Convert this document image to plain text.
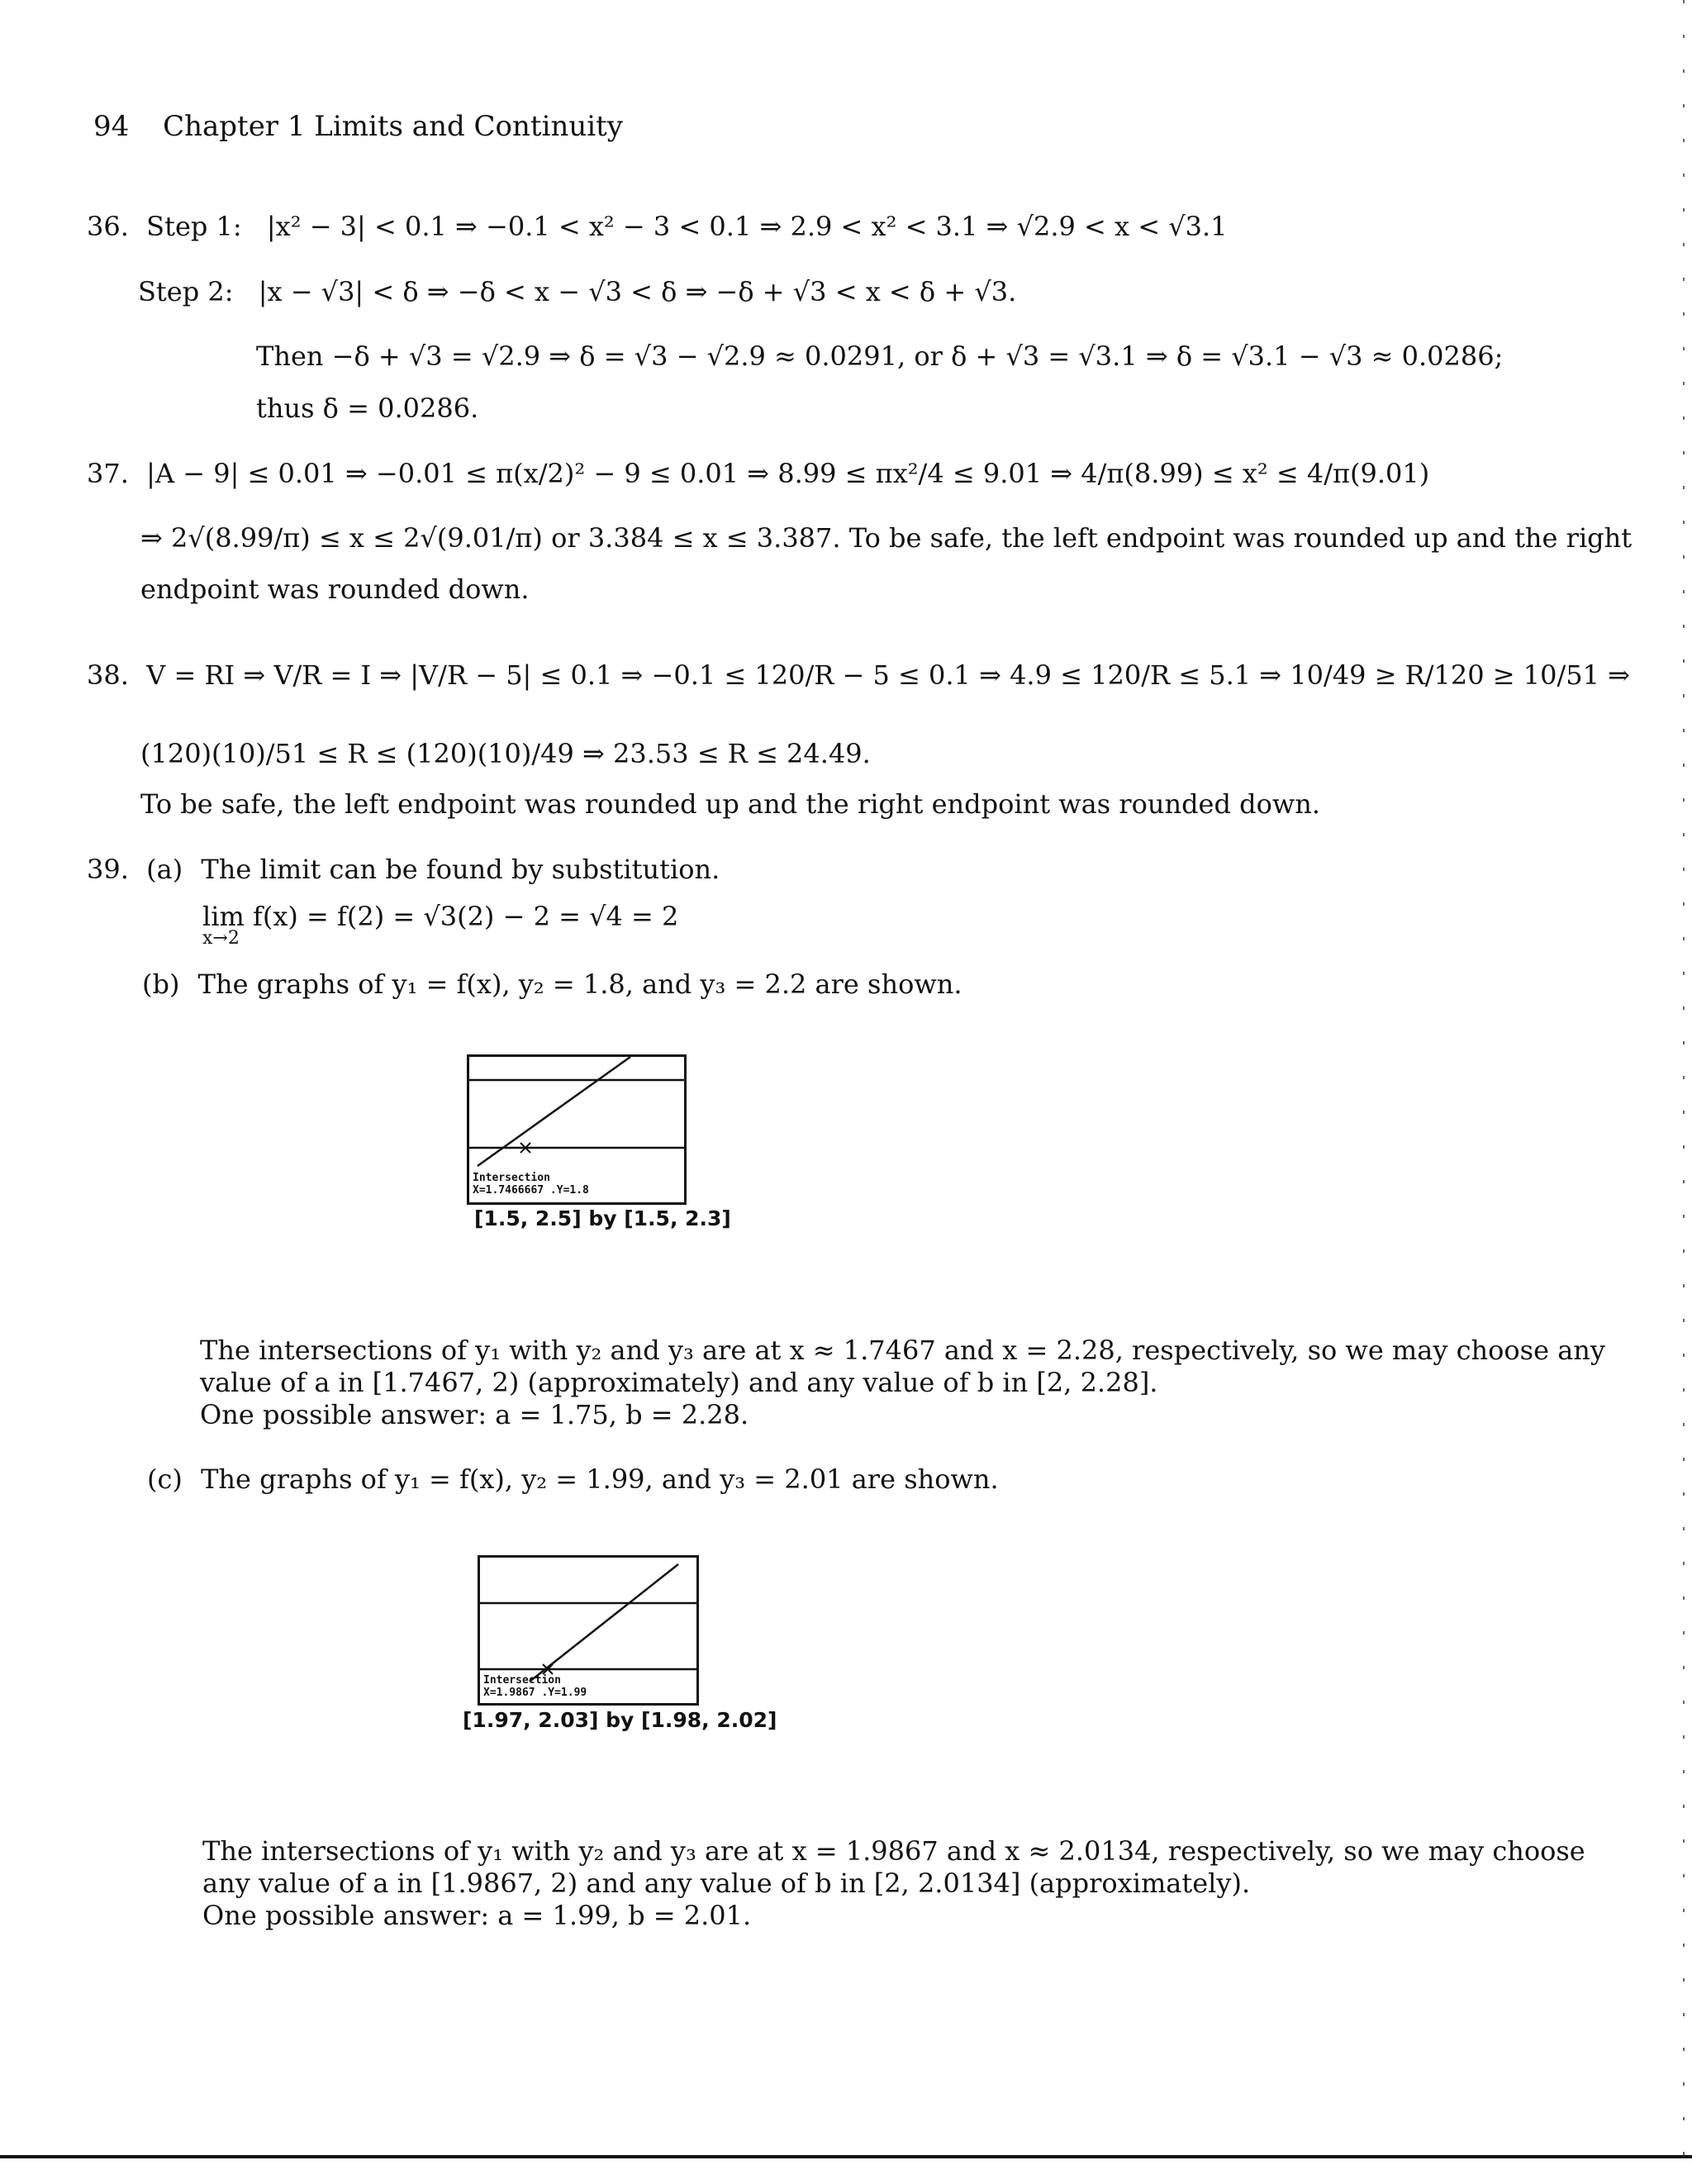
94 Chapter 1 Limits and Continuity
36. Step 1: |x² − 3| < 0.1 ⇒ −0.1 < x² − 3 < 0.1 ⇒ 2.9 < x² < 3.1 ⇒ √2.9 < x < √3.1
Step 2: |x − √3| < δ ⇒ −δ < x − √3 < δ ⇒ −δ + √3 < x < δ + √3.
Then −δ + √3 = √2.9 ⇒ δ = √3 − √2.9 ≈ 0.0291, or δ + √3 = √3.1 ⇒ δ = √3.1 − √3 ≈ 0.0286;
thus δ = 0.0286.
37. |A − 9| ≤ 0.01 ⇒ −0.01 ≤ π(x/2)² − 9 ≤ 0.01 ⇒ 8.99 ≤ πx²/4 ≤ 9.01 ⇒ 4/π(8.99) ≤ x² ≤ 4/π(9.01)
⇒ 2√(8.99/π) ≤ x ≤ 2√(9.01/π) or 3.384 ≤ x ≤ 3.387. To be safe, the left endpoint was rounded up and the right
endpoint was rounded down.
38. V = RI ⇒ V/R = I ⇒ |V/R − 5| ≤ 0.1 ⇒ −0.1 ≤ 120/R − 5 ≤ 0.1 ⇒ 4.9 ≤ 120/R ≤ 5.1 ⇒ 10/49 ≥ R/120 ≥ 10/51 ⇒
(120)(10)/51 ≤ R ≤ (120)(10)/49 ⇒ 23.53 ≤ R ≤ 24.49.
To be safe, the left endpoint was rounded up and the right endpoint was rounded down.
39. (a) The limit can be found by substitution.
lim f(x) = f(2) = √3(2) − 2 = √4 = 2
x→2
(b) The graphs of y₁ = f(x), y₂ = 1.8, and y₃ = 2.2 are shown.
Intersection
X=1.7466667 .Y=1.8
[1.5, 2.5] by [1.5, 2.3]
The intersections of y₁ with y₂ and y₃ are at x ≈ 1.7467 and x = 2.28, respectively, so we may choose any
value of a in [1.7467, 2) (approximately) and any value of b in [2, 2.28].
One possible answer: a = 1.75, b = 2.28.
(c) The graphs of y₁ = f(x), y₂ = 1.99, and y₃ = 2.01 are shown.
Intersection
X=1.9867 .Y=1.99
[1.97, 2.03] by [1.98, 2.02]
The intersections of y₁ with y₂ and y₃ are at x = 1.9867 and x ≈ 2.0134, respectively, so we may choose
any value of a in [1.9867, 2) and any value of b in [2, 2.0134] (approximately).
One possible answer: a = 1.99, b = 2.01.
